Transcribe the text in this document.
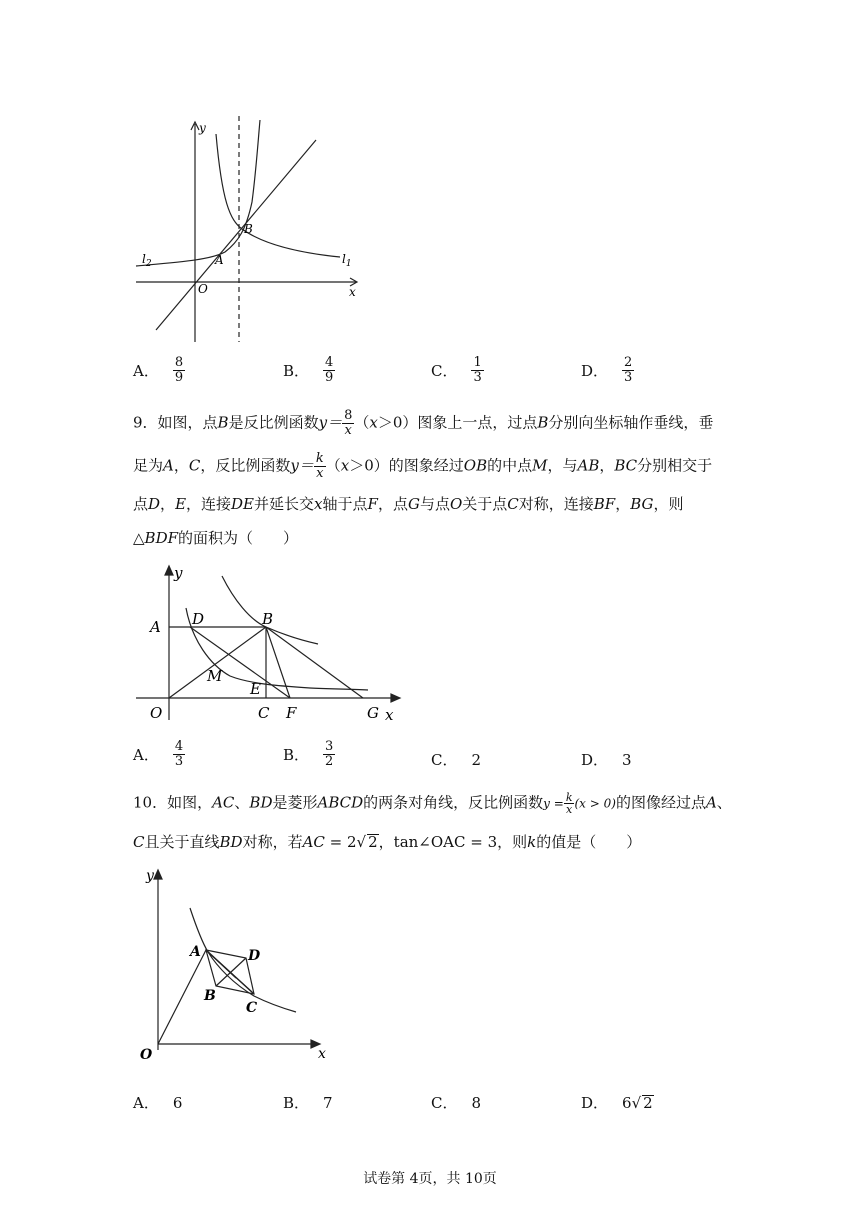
y
x
O
A
B
$l_1$
$l_2$
A． $\frac{8}{9}$	B． $\frac{4}{9}$	C． $\frac{1}{3}$	D． $\frac{2}{3}$
9．如图，点B是反比例函数$y= \frac{8}{x} (x>0)$图象上一点，过点B分别向坐标轴作垂线，垂
足为A，C，反比例函数$y= \frac{k}{x} (x>0)$的图象经过OB的中点M，与AB，BC分别相交于
点D，E，连接DE并延长交x轴于点F，点G与点O关于点C对称，连接BF，BG，则
△BDF的面积为（　　）
y
x
A D	B
M
E
O	C F	G
A． $\frac{4}{3}$	B． $\frac{3}{2}$	C． 2	D． 3
10．如图，AC、BD是菱形ABCD的两条对角线，反比例函数$y = \frac{k}{x} (x > 0)$的图像经过点A、
C且关于直线BD对称，若AC = 2√ 2，tan∠OAC = 3，则k的值是（　　）
y
x
O
A	D
B
C
A． 6	B． 7	C． 8	D． 6 √ 2
试卷第 4页，共 10页
